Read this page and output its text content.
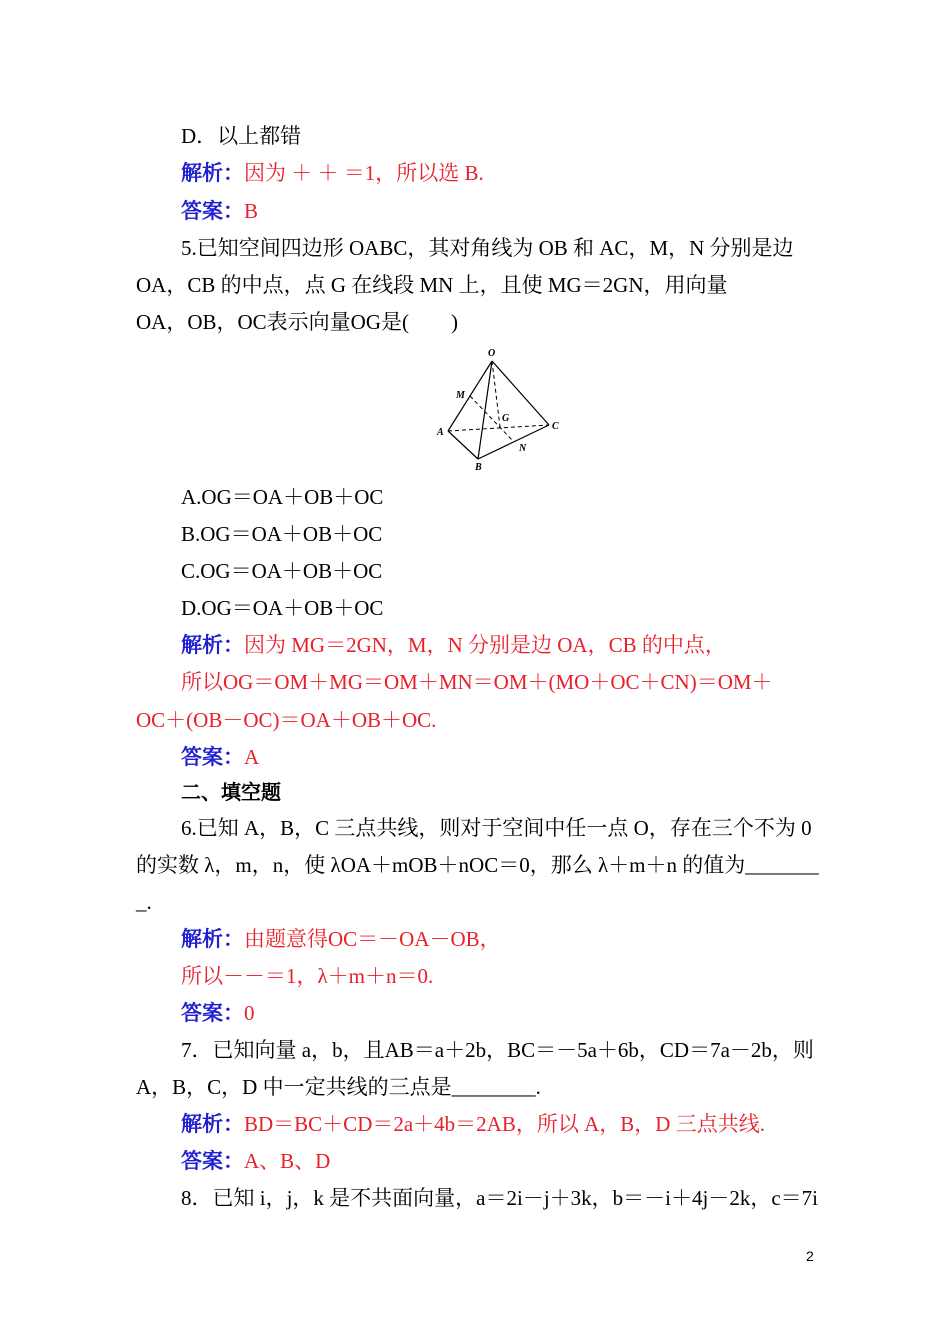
D．以上都错
解析：因为 ＋ ＋ ＝1，所以选 B.
答案：B
5.已知空间四边形 OABC，其对角线为 OB 和 AC，M，N 分别是边
OA，CB 的中点，点 G 在线段 MN 上，且使 MG＝2GN，用向量
OA，OB，OC表示向量OG是(　　)
O
M
G
A
C
N
B
A.OG＝OA＋OB＋OC
B.OG＝OA＋OB＋OC
C.OG＝OA＋OB＋OC
D.OG＝OA＋OB＋OC
解析：因为 MG＝2GN，M，N 分别是边 OA，CB 的中点，
所以OG＝OM＋MG＝OM＋MN＝OM＋(MO＋OC＋CN)＝OM＋
OC＋(OB－OC)＝OA＋OB＋OC.
答案：A
二、填空题
6.已知 A，B，C 三点共线，则对于空间中任一点 O，存在三个不为 0
的实数 λ，m，n，使 λOA＋mOB＋nOC＝0，那么 λ＋m＋n 的值为_______
_.
解析：由题意得OC＝－OA－OB，
所以－－＝1，λ＋m＋n＝0.
答案：0
7．已知向量 a，b，且AB＝a＋2b，BC＝－5a＋6b，CD＝7a－2b，则
A，B，C，D 中一定共线的三点是________.
解析：BD＝BC＋CD＝2a＋4b＝2AB，所以 A，B，D 三点共线.
答案：A、B、D
8．已知 i，j，k 是不共面向量，a＝2i－j＋3k，b＝－i＋4j－2k，c＝7i
2
